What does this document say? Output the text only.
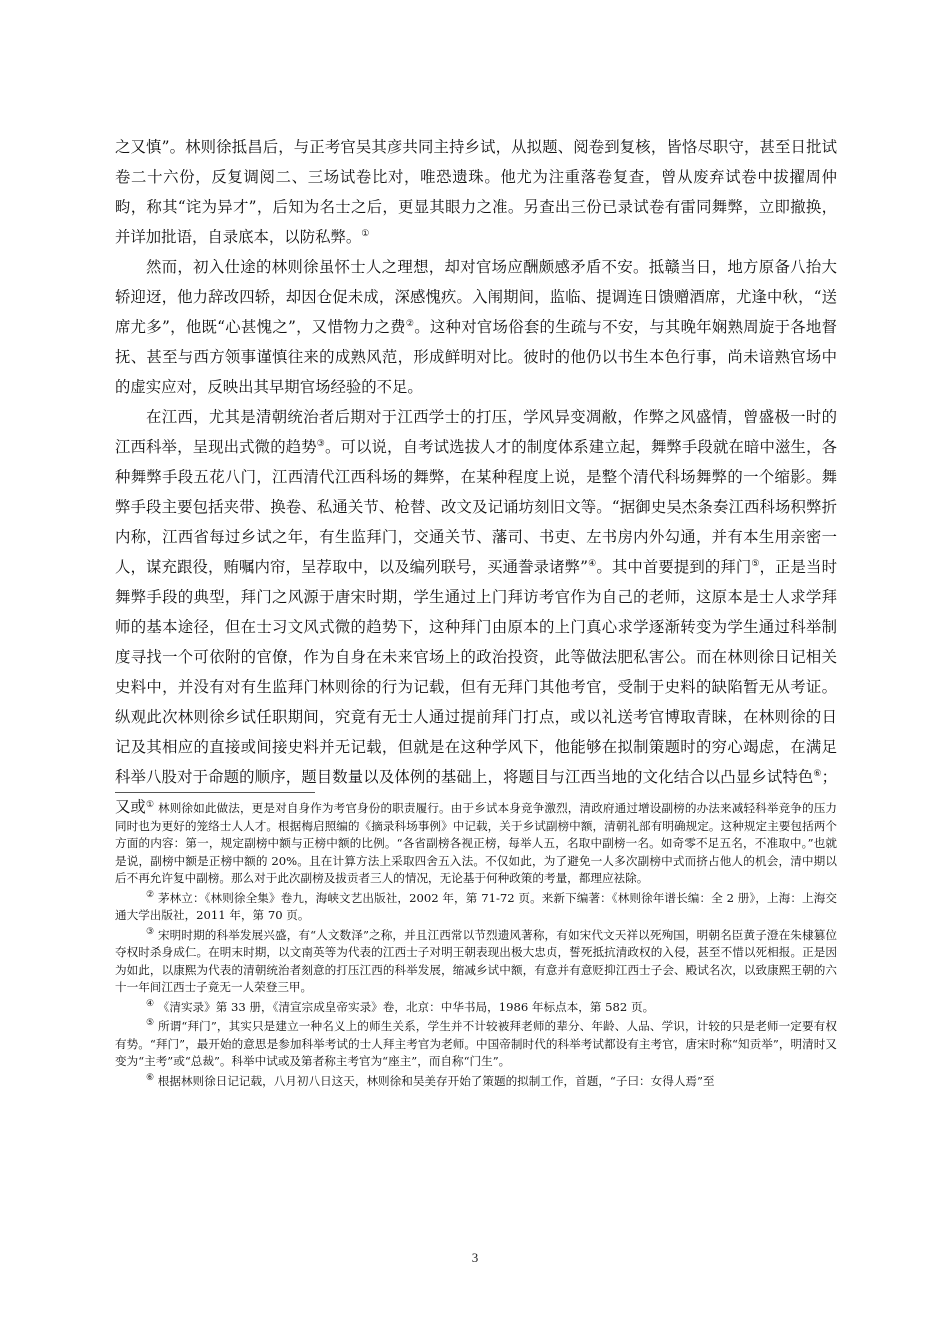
之又慎”。林则徐抵昌后，与正考官吴其彦共同主持乡试，从拟题、阅卷到复核，皆恪尽职守，甚至日批试卷二十六份，反复调阅二、三场试卷比对，唯恐遗珠。他尤为注重落卷复查，曾从废弃试卷中拔擢周仲畇，称其“诧为异才”，后知为名士之后，更显其眼力之准。另查出三份已录试卷有雷同舞弊，立即撤换，并详加批语，自录底本，以防私弊。①

然而，初入仕途的林则徐虽怀士人之理想，却对官场应酬颇感矛盾不安。抵赣当日，地方原备八抬大轿迎迓，他力辞改四轿，却因仓促未成，深感愧疚。入闱期间，监临、提调连日馈赠酒席，尤逢中秋，“送席尤多”，他既“心甚愧之”，又惜物力之费②。这种对官场俗套的生疏与不安，与其晚年娴熟周旋于各地督抚、甚至与西方领事谨慎往来的成熟风范，形成鲜明对比。彼时的他仍以书生本色行事，尚未谙熟官场中的虚实应对，反映出其早期官场经验的不足。

在江西，尤其是清朝统治者后期对于江西学士的打压，学风异变凋敝，作弊之风盛情，曾盛极一时的江西科举，呈现出式微的趋势③。可以说，自考试选拔人才的制度体系建立起，舞弊手段就在暗中滋生，各种舞弊手段五花八门，江西清代江西科场的舞弊，在某种程度上说，是整个清代科场舞弊的一个缩影。舞弊手段主要包括夹带、换卷、私通关节、枪替、改文及记诵坊刻旧文等。“据御史吴杰条奏江西科场积弊折内称，江西省每过乡试之年，有生监拜门，交通关节、藩司、书吏、左书房内外勾通，并有本生用亲密一人，谋充跟役，贿嘱内帘，呈荐取中，以及编列联号，买通誊录诸弊”④。其中首要提到的拜门⑤，正是当时舞弊手段的典型，拜门之风源于唐宋时期，学生通过上门拜访考官作为自己的老师，这原本是士人求学拜师的基本途径，但在士习文风式微的趋势下，这种拜门由原本的上门真心求学逐渐转变为学生通过科举制度寻找一个可依附的官僚，作为自身在未来官场上的政治投资，此等做法肥私害公。而在林则徐日记相关史料中，并没有对有生监拜门林则徐的行为记载，但有无拜门其他考官，受制于史料的缺陷暂无从考证。纵观此次林则徐乡试任职期间，究竟有无士人通过提前拜门打点，或以礼送考官博取青睐，在林则徐的日记及其相应的直接或间接史料并无记载，但就是在这种学风下，他能够在拟制策题时的穷心竭虑，在满足科举八股对于命题的顺序，题目数量以及体例的基础上，将题目与江西当地的文化结合以凸显乡试特色⑥；又或 ① 林则徐如此做法，更是对自身作为考官身份的职责履行。由于乡试本身竞争激烈，清政府通过增设副榜的办法来减轻科举竞争的压力同时也为更好的笼络士人人才。根据梅启照编的《摘录科场事例》中记载，关于乡试副榜中额，清朝礼部有明确规定。这种规定主要包括两个方面的内容：第一，规定副榜中额与正榜中额的比例。“各省副榜各视正榜，每举人五，名取中副榜一名。如奇零不足五名，不准取中。”也就是说，副榜中额是正榜中额的 20%。且在计算方法上采取四舍五入法。不仅如此，为了避免一人多次副榜中式而挤占他人的机会，清中期以后不再允许复中副榜。那么对于此次副榜及拔贡者三人的情况，无论基于何种政策的考量，都理应祛除。

② 茅林立：《林则徐全集》卷九，海峡文艺出版社，2002 年，第 71-72 页。来新下编著：《林则徐年谱长编：全 2 册》，上海：上海交通大学出版社，2011 年，第 70 页。

③ 宋明时期的科举发展兴盛，有“人文数泽”之称，并且江西常以节烈遗风著称，有如宋代文天祥以死殉国，明朝名臣黄子澄在朱棣篡位夺权时杀身成仁。在明末时期，以文南英等为代表的江西士子对明王朝表现出极大忠贞，誓死抵抗清政权的入侵，甚至不惜以死相报。正是因为如此，以康熙为代表的清朝统治者刻意的打压江西的科举发展，缩减乡试中额，有意并有意贬抑江西士子会、殿试名次，以致康熙王朝的六十一年间江西士子竟无一人荣登三甲。

④ 《清实录》第 33 册，《清宣宗成皇帝实录》卷，北京：中华书局，1986 年标点本，第 582 页。

⑤ 所谓“拜门”，其实只是建立一种名义上的师生关系，学生并不计较被拜老师的辈分、年龄、人品、学识，计较的只是老师一定要有权有势。“拜门”，最开始的意思是参加科举考试的士人拜主考官为老师。中国帝制时代的科举考试都设有主考官，唐宋时称“知贡举”，明清时又变为“主考”或“总裁”。科举中试或及第者称主考官为“座主”，而自称“门生”。

⑥ 根据林则徐日记记载，八月初八日这天，林则徐和吴美存开始了策题的拟制工作，首题，“子曰：女得人焉”至

3
